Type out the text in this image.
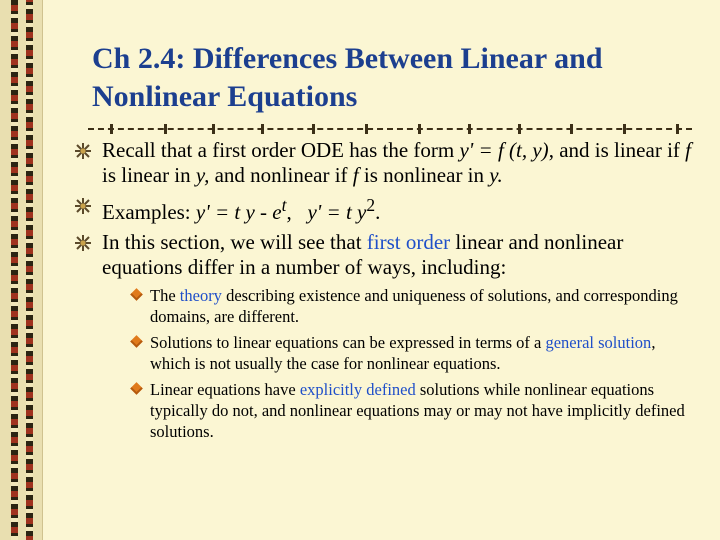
Ch 2.4: Differences Between Linear and Nonlinear Equations
Recall that a first order ODE has the form y' = f (t, y), and is linear if f is linear in y, and nonlinear if f is nonlinear in y.
Examples: y' = t y - $e^t$,   y' = t $y^2$.
In this section, we will see that first order linear and nonlinear equations differ in a number of ways, including:
The theory describing existence and uniqueness of solutions, and corresponding domains, are different.
Solutions to linear equations can be expressed in terms of a general solution, which is not usually the case for nonlinear equations.
Linear equations have explicitly defined solutions while nonlinear equations typically do not, and nonlinear equations may or may not have implicitly defined solutions.
